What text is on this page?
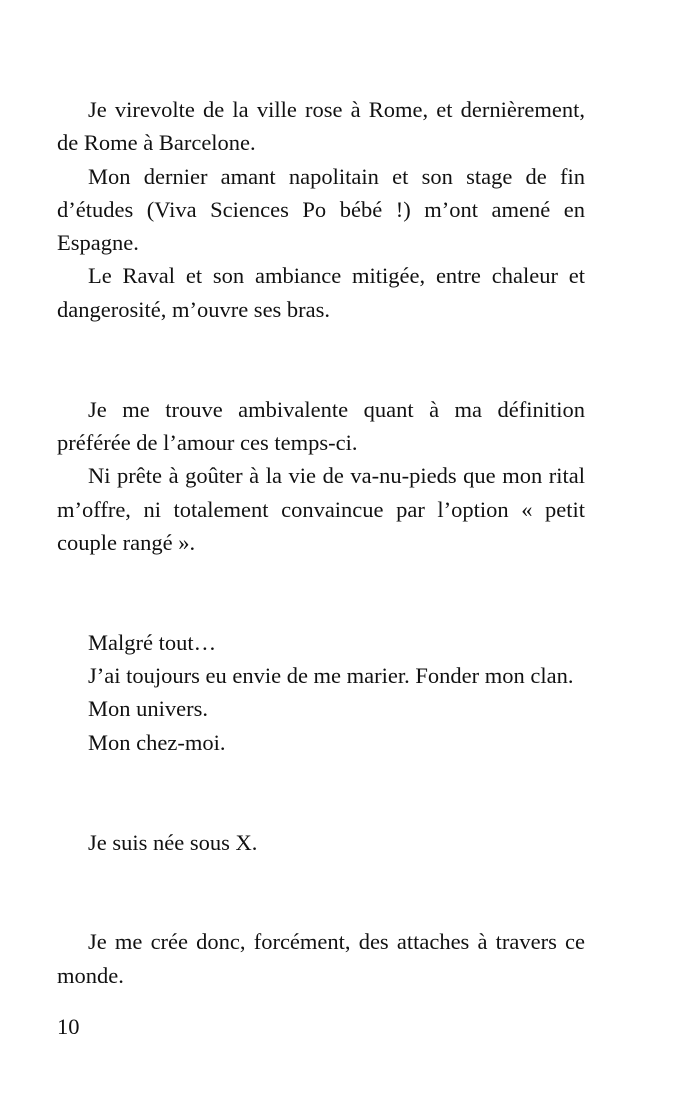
Je virevolte de la ville rose à Rome, et dernièrement, de Rome à Barcelone.

Mon dernier amant napolitain et son stage de fin d’études (Viva Sciences Po bébé !) m’ont amené en Espagne.

Le Raval et son ambiance mitigée, entre chaleur et dangerosité, m’ouvre ses bras.

Je me trouve ambivalente quant à ma définition préférée de l’amour ces temps-ci.

Ni prête à goûter à la vie de va-nu-pieds que mon rital m’offre, ni totalement convaincue par l’option « petit couple rangé ».

Malgré tout…

J’ai toujours eu envie de me marier. Fonder mon clan.

Mon univers.

Mon chez-moi.

Je suis née sous X.

Je me crée donc, forcément, des attaches à travers ce monde.

10
